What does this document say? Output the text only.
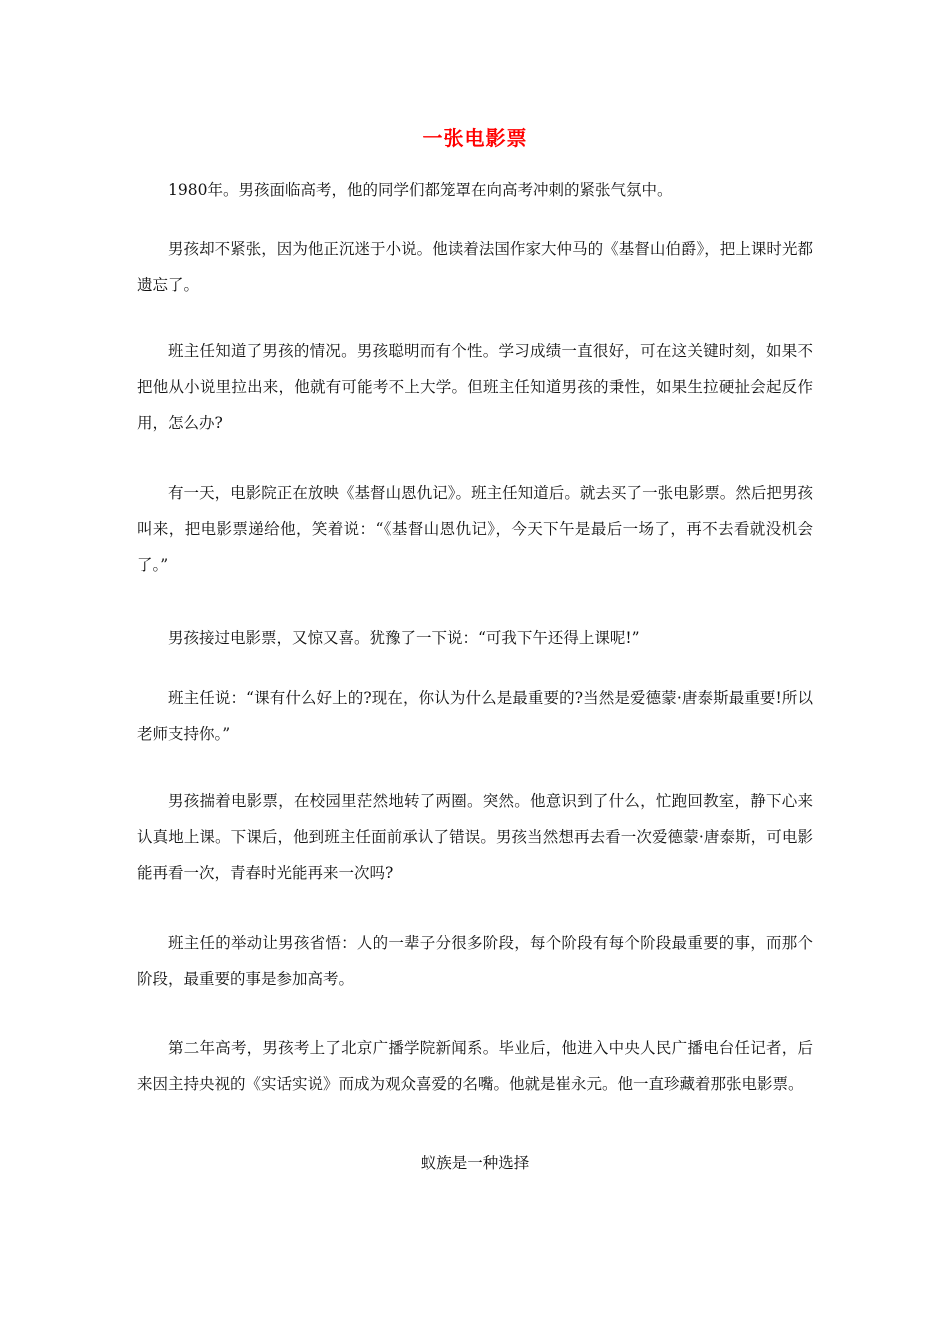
一张电影票

1980年。男孩面临高考，他的同学们都笼罩在向高考冲刺的紧张气氛中。

男孩却不紧张，因为他正沉迷于小说。他读着法国作家大仲马的《基督山伯爵》，把上课时光都遗忘了。

班主任知道了男孩的情况。男孩聪明而有个性。学习成绩一直很好，可在这关键时刻，如果不把他从小说里拉出来，他就有可能考不上大学。但班主任知道男孩的秉性，如果生拉硬扯会起反作用，怎么办?

有一天，电影院正在放映《基督山恩仇记》。班主任知道后。就去买了一张电影票。然后把男孩叫来，把电影票递给他，笑着说：“《基督山恩仇记》，今天下午是最后一场了，再不去看就没机会了。”

男孩接过电影票，又惊又喜。犹豫了一下说：“可我下午还得上课呢!”

班主任说：“课有什么好上的?现在，你认为什么是最重要的?当然是爱德蒙·唐泰斯最重要!所以老师支持你。”

男孩揣着电影票，在校园里茫然地转了两圈。突然。他意识到了什么，忙跑回教室，静下心来认真地上课。下课后，他到班主任面前承认了错误。男孩当然想再去看一次爱德蒙·唐泰斯，可电影能再看一次，青春时光能再来一次吗?

班主任的举动让男孩省悟：人的一辈子分很多阶段，每个阶段有每个阶段最重要的事，而那个阶段，最重要的事是参加高考。

第二年高考，男孩考上了北京广播学院新闻系。毕业后，他进入中央人民广播电台任记者，后来因主持央视的《实话实说》而成为观众喜爱的名嘴。他就是崔永元。他一直珍藏着那张电影票。

蚁族是一种选择
